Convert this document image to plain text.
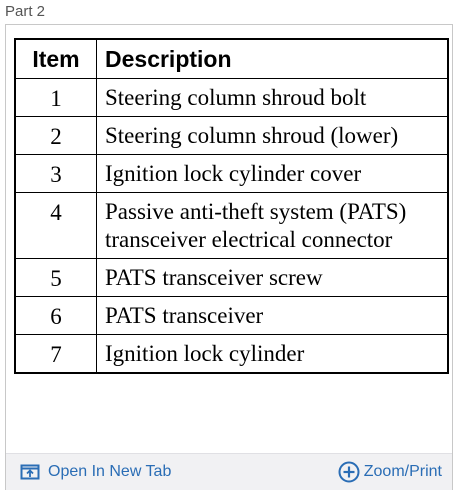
Part 2
Item	Description
1	Steering column shroud bolt
2	Steering column shroud (lower)
3	Ignition lock cylinder cover
4	Passive anti-theft system (PATS) transceiver electrical connector
5	PATS transceiver screw
6	PATS transceiver
7	Ignition lock cylinder
Open In New Tab	Zoom/Print
